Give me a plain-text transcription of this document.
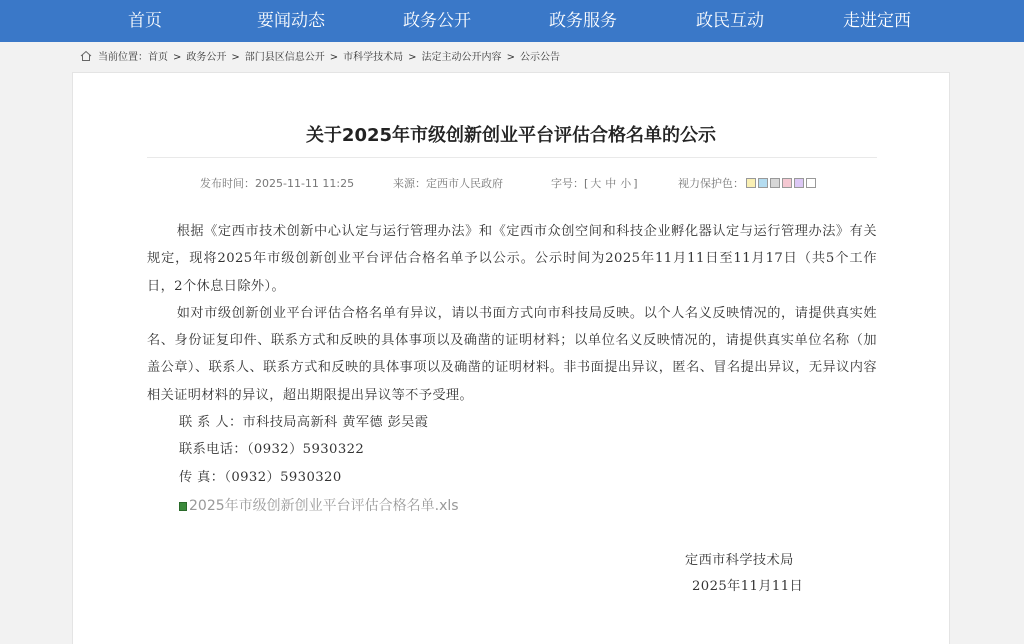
首页	要闻动态	政务公开	政务服务	政民互动	走进定西
当前位置：首页 > 政务公开 > 部门县区信息公开 > 市科学技术局 > 法定主动公开内容 > 公示公告
关于2025年市级创新创业平台评估合格名单的公示
发布时间：2025-11-11 11:25	来源：定西市人民政府	字号：[ 大 中 小 ]	视力保护色：

根据《定西市技术创新中心认定与运行管理办法》和《定西市众创空间和科技企业孵化器认定与运行管理办法》有关规定，现将2025年市级创新创业平台评估合格名单予以公示。公示时间为2025年11月11日至11月17日（共5个工作日，2个休息日除外）。

如对市级创新创业平台评估合格名单有异议，请以书面方式向市科技局反映。以个人名义反映情况的，请提供真实姓名、身份证复印件、联系方式和反映的具体事项以及确凿的证明材料；以单位名义反映情况的，请提供真实单位名称（加盖公章）、联系人、联系方式和反映的具体事项以及确凿的证明材料。非书面提出异议，匿名、冒名提出异议，无异议内容相关证明材料的异议，超出期限提出异议等不予受理。

联 系 人：市科技局高新科 黄军德 彭吴霞
联系电话：（0932）5930322
传 真：（0932）5930320
2025年市级创新创业平台评估合格名单.xls
定西市科学技术局
2025年11月11日
